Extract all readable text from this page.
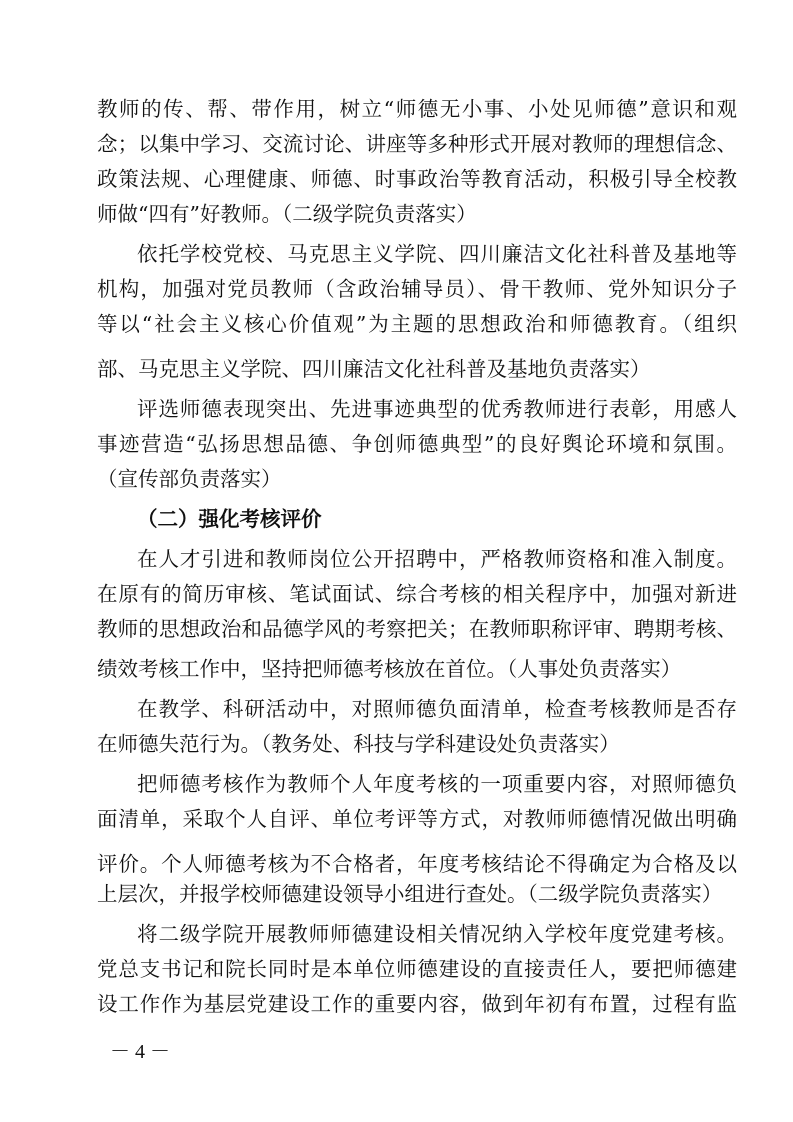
教师的传、帮、带作用，树立“师德无小事、小处见师德”意识和观
念；以集中学习、交流讨论、讲座等多种形式开展对教师的理想信念、
政策法规、心理健康、师德、时事政治等教育活动，积极引导全校教
师做“四有”好教师。（二级学院负责落实）
依托学校党校、马克思主义学院、四川廉洁文化社科普及基地等
机构，加强对党员教师（含政治辅导员）、骨干教师、党外知识分子
等以“社会主义核心价值观”为主题的思想政治和师德教育。（组织
部、马克思主义学院、四川廉洁文化社科普及基地负责落实）
评选师德表现突出、先进事迹典型的优秀教师进行表彰，用感人
事迹营造“弘扬思想品德、争创师德典型”的良好舆论环境和氛围。
（宣传部负责落实）
（二）强化考核评价
在人才引进和教师岗位公开招聘中，严格教师资格和准入制度。
在原有的简历审核、笔试面试、综合考核的相关程序中，加强对新进
教师的思想政治和品德学风的考察把关；在教师职称评审、聘期考核、
绩效考核工作中，坚持把师德考核放在首位。（人事处负责落实）
在教学、科研活动中，对照师德负面清单，检查考核教师是否存
在师德失范行为。（教务处、科技与学科建设处负责落实）
把师德考核作为教师个人年度考核的一项重要内容，对照师德负
面清单，采取个人自评、单位考评等方式，对教师师德情况做出明确
评价。个人师德考核为不合格者，年度考核结论不得确定为合格及以
上层次，并报学校师德建设领导小组进行查处。（二级学院负责落实）
将二级学院开展教师师德建设相关情况纳入学校年度党建考核。
党总支书记和院长同时是本单位师德建设的直接责任人，要把师德建
设工作作为基层党建设工作的重要内容，做到年初有布置，过程有监
－ 4 －
